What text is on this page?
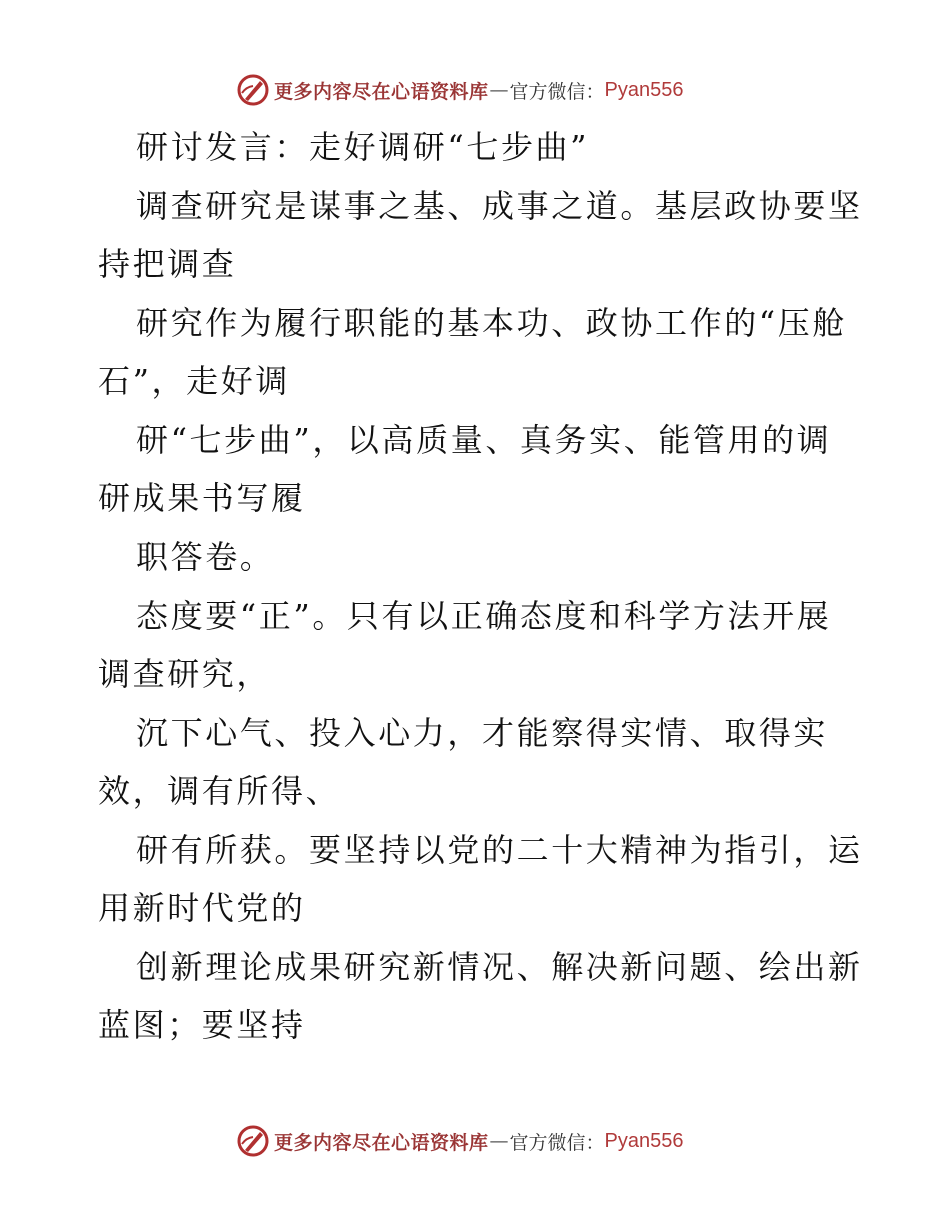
更多内容尽在心语资料库 — 官方微信： Pyan556
研讨发言：走好调研“七步曲”
调查研究是谋事之基、成事之道。基层政协要坚
持把调查
研究作为履行职能的基本功、政协工作的“压舱
石”，走好调
研“七步曲”，以高质量、真务实、能管用的调
研成果书写履
职答卷。
态度要“正”。只有以正确态度和科学方法开展
调查研究，
沉下心气、投入心力，才能察得实情、取得实
效，调有所得、
研有所获。要坚持以党的二十大精神为指引，运
用新时代党的
创新理论成果研究新情况、解决新问题、绘出新
蓝图；要坚持
更多内容尽在心语资料库 — 官方微信： Pyan556
